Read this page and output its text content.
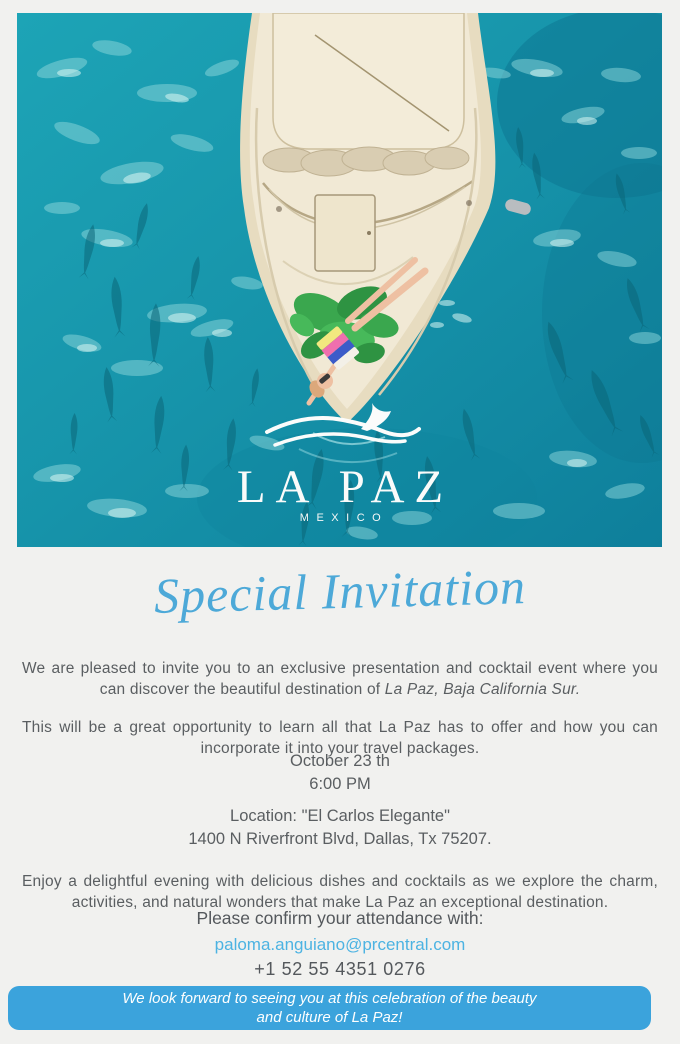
LA PAZ
MEXICO
Special Invitation

We are pleased to invite you to an exclusive presentation and cocktail event where you can discover the beautiful destination of La Paz, Baja California Sur.

This will be a great opportunity to learn all that La Paz has to offer and how you can incorporate it into your travel packages.

October 23 th
6:00 PM
Location: "El Carlos Elegante"
1400 N Riverfront Blvd, Dallas, Tx 75207.

Enjoy a delightful evening with delicious dishes and cocktails as we explore the charm, activities, and natural wonders that make La Paz an exceptional destination.

Please confirm your attendance with:
paloma.anguiano@prcentral.com
+1 52 55 4351 0276
We look forward to seeing you at this celebration of the beauty
and culture of La Paz!
